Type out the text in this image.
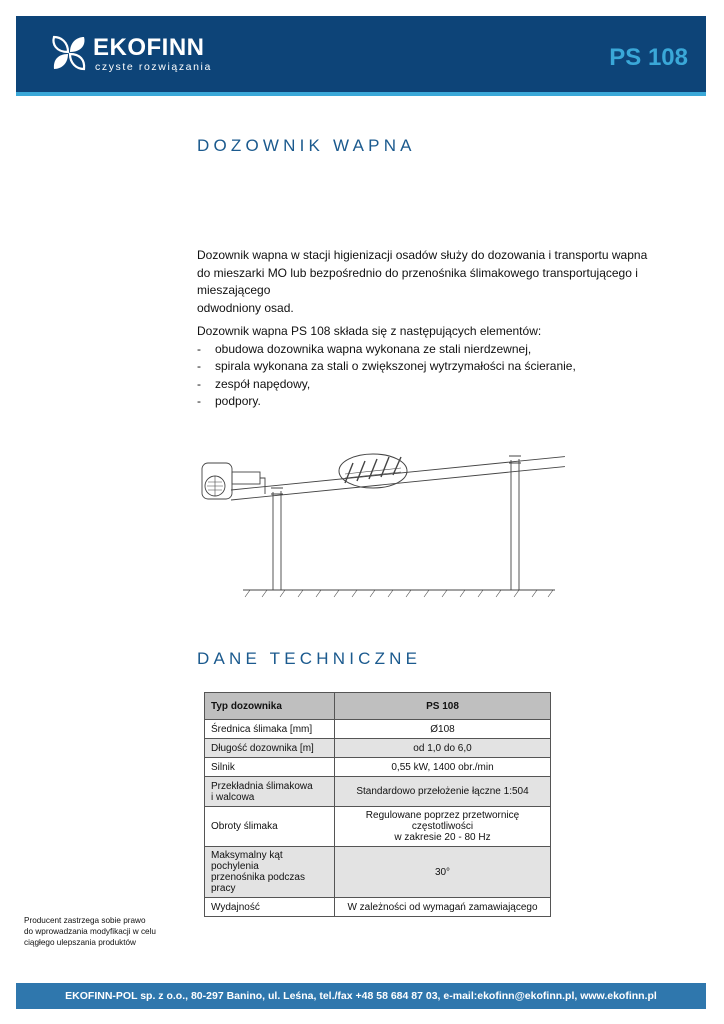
EKOFINN
czyste rozwiązania	PS 108
DOZOWNIK WAPNA

Dozownik wapna w stacji higienizacji osadów służy do dozowania i transportu wapna

do mieszarki MO lub bezpośrednio do przenośnika ślimakowego transportującego i mieszającego

odwodniony osad.

Dozownik wapna PS 108 składa się z następujących elementów:

- obudowa dozownika wapna wykonana ze stali nierdzewnej,
- spirala wykonana za stali o zwiększonej wytrzymałości na ścieranie,
- zespół napędowy,
- podpory.
DANE TECHNICZNE
Typ dozownika	PS 108
Średnica ślimaka [mm]	Ø108
Długość dozownika [m]	od 1,0 do 6,0
Silnik	0,55 kW, 1400 obr./min

Przekładnia ślimakowa
i walcowa	Standardowo przełożenie łączne 1:504
Obroty ślimaka	Regulowane poprzez przetwornicę częstotliwości
w zakresie 20 - 80 Hz

Maksymalny kąt pochylenia
przenośnika podczas pracy	30°
Wydajność	W zależności od wymagań zamawiającego
Producent zastrzega sobie prawo
do wprowadzania modyfikacji w celu
ciągłego ulepszania produktów
EKOFINN-POL sp. z o.o., 80-297 Banino, ul. Leśna, tel./fax +48 58 684 87 03, e-mail:ekofinn@ekofinn.pl, www.ekofinn.pl
